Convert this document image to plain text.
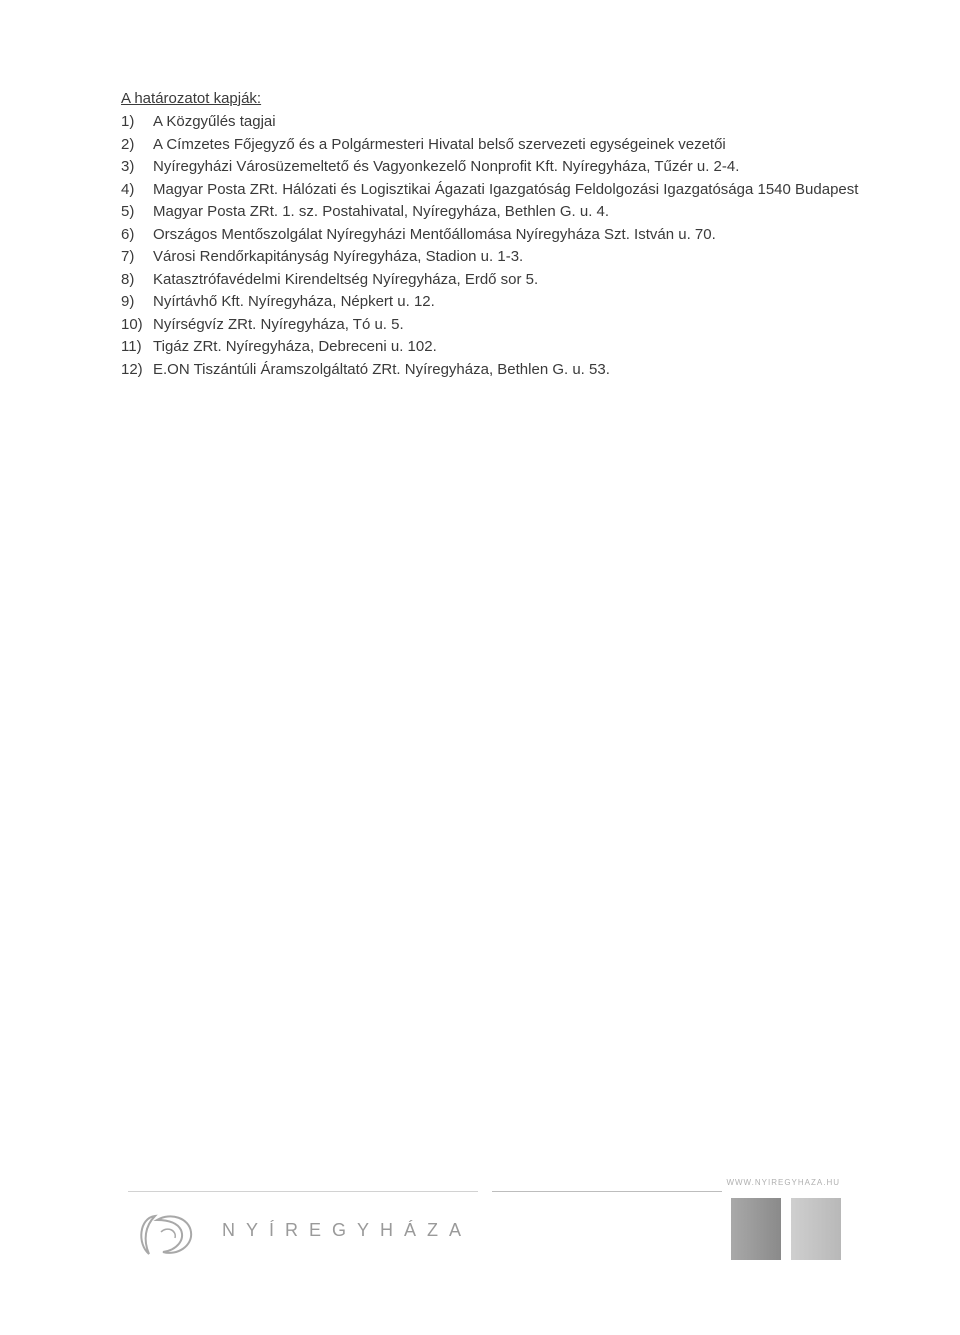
A határozatot kapják:
1)	A Közgyűlés tagjai
2)	A Címzetes Főjegyző és a Polgármesteri Hivatal belső szervezeti egységeinek vezetői
3)	Nyíregyházi Városüzemeltető és Vagyonkezelő Nonprofit Kft. Nyíregyháza, Tűzér u. 2-4.
4)	Magyar Posta ZRt. Hálózati és Logisztikai Ágazati Igazgatóság Feldolgozási Igazgatósága 1540 Budapest
5)	Magyar Posta ZRt. 1. sz. Postahivatal, Nyíregyháza, Bethlen G. u. 4.
6)	Országos Mentőszolgálat Nyíregyházi Mentőállomása Nyíregyháza Szt. István u. 70.
7)	Városi Rendőrkapitányság Nyíregyháza, Stadion u. 1-3.
8)	Katasztrófavédelmi Kirendeltség Nyíregyháza, Erdő sor 5.
9)	Nyírtávhő Kft. Nyíregyháza, Népkert u. 12.
10) Nyírségvíz ZRt. Nyíregyháza, Tó u. 5.
11) Tigáz ZRt. Nyíregyháza, Debreceni u. 102.
12) E.ON Tiszántúli Áramszolgáltató ZRt. Nyíregyháza, Bethlen G. u. 53.
WWW.NYIREGYHAZA.HU
NYÍREGYHÁZA
